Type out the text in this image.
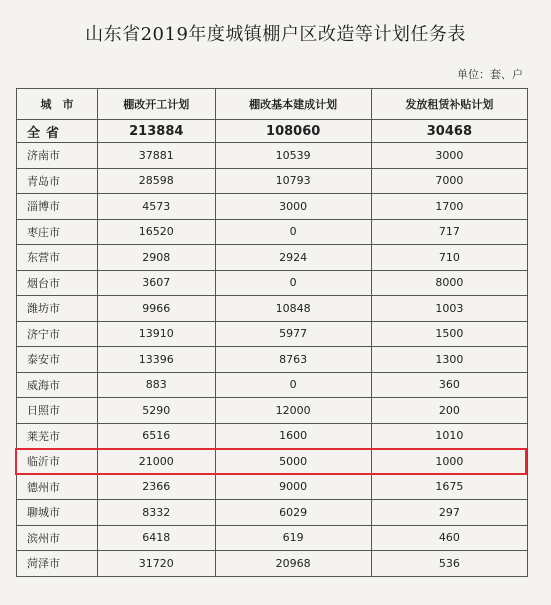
山东省2019年度城镇棚户区改造等计划任务表
单位：套、户
城　市	棚改开工计划	棚改基本建成计划	发放租赁补贴计划
全省	213884	108060	30468
济南市	37881	10539	3000
青岛市	28598	10793	7000
淄博市	4573	3000	1700
枣庄市	16520	0	717
东营市	2908	2924	710
烟台市	3607	0	8000
潍坊市	9966	10848	1003
济宁市	13910	5977	1500
泰安市	13396	8763	1300
威海市	883	0	360
日照市	5290	12000	200
莱芜市	6516	1600	1010
临沂市	21000	5000	1000
德州市	2366	9000	1675
聊城市	8332	6029	297
滨州市	6418	619	460
菏泽市	31720	20968	536
